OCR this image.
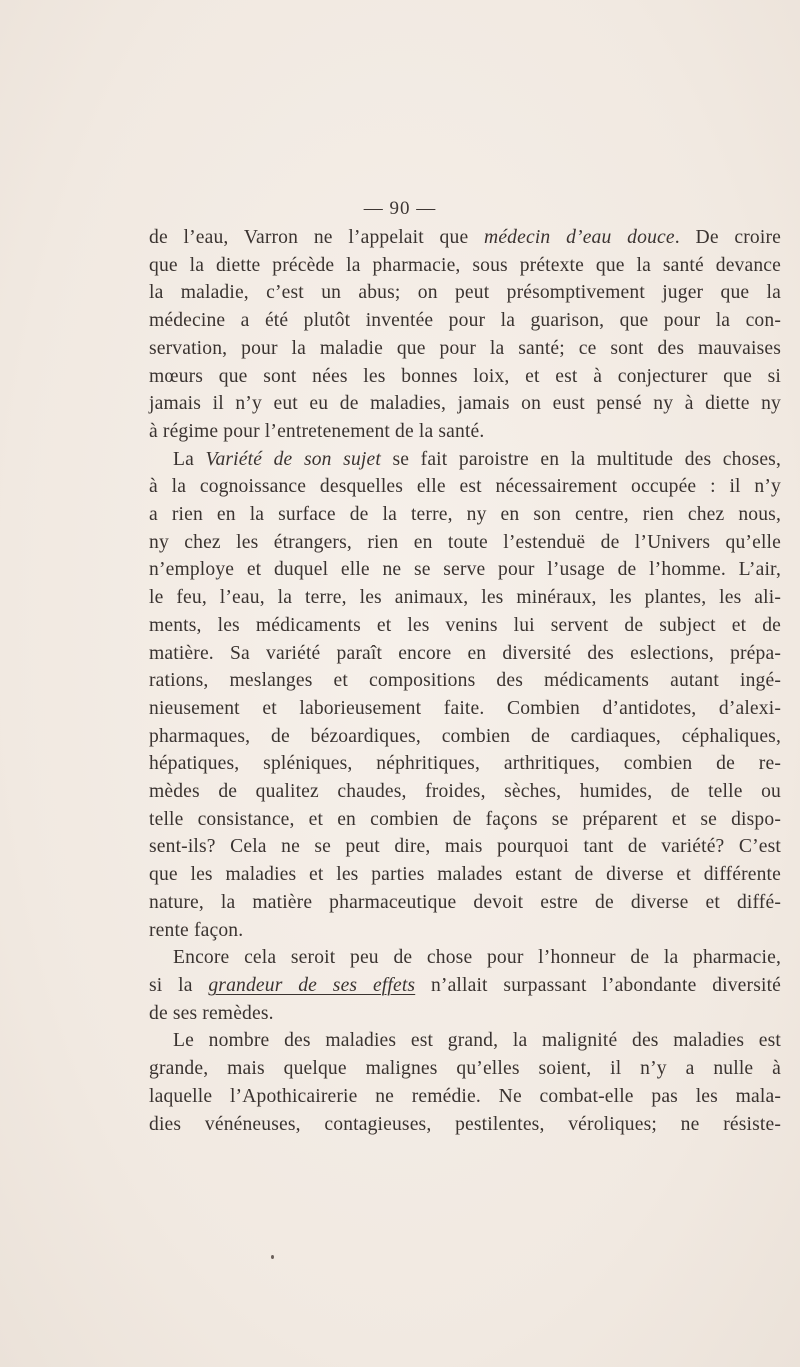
— 90 —
de l’eau, Varron ne l’appelait que médecin d’eau douce. De croire
que la diette précède la pharmacie, sous prétexte que la santé devance
la maladie, c’est un abus; on peut présomptivement juger que la
médecine a été plutôt inventée pour la guarison, que pour la con-
servation, pour la maladie que pour la santé; ce sont des mauvaises
mœurs que sont nées les bonnes loix, et est à conjecturer que si
jamais il n’y eut eu de maladies, jamais on eust pensé ny à diette ny
à régime pour l’entretenement de la santé.
La Variété de son sujet se fait paroistre en la multitude des choses,
à la cognoissance desquelles elle est nécessairement occupée : il n’y
a rien en la surface de la terre, ny en son centre, rien chez nous,
ny chez les étrangers, rien en toute l’estenduë de l’Univers qu’elle
n’employe et duquel elle ne se serve pour l’usage de l’homme. L’air,
le feu, l’eau, la terre, les animaux, les minéraux, les plantes, les ali-
ments, les médicaments et les venins lui servent de subject et de
matière. Sa variété paraît encore en diversité des eslections, prépa-
rations, meslanges et compositions des médicaments autant ingé-
nieusement et laborieusement faite. Combien d’antidotes, d’alexi-
pharmaques, de bézoardiques, combien de cardiaques, céphaliques,
hépatiques, spléniques, néphritiques, arthritiques, combien de re-
mèdes de qualitez chaudes, froides, sèches, humides, de telle ou
telle consistance, et en combien de façons se préparent et se dispo-
sent-ils? Cela ne se peut dire, mais pourquoi tant de variété? C’est
que les maladies et les parties malades estant de diverse et différente
nature, la matière pharmaceutique devoit estre de diverse et diffé-
rente façon.
Encore cela seroit peu de chose pour l’honneur de la pharmacie,
si la grandeur de ses effets n’allait surpassant l’abondante diversité
de ses remèdes.
Le nombre des maladies est grand, la malignité des maladies est
grande, mais quelque malignes qu’elles soient, il n’y a nulle à
laquelle l’Apothicairerie ne remédie. Ne combat-elle pas les mala-
dies vénéneuses, contagieuses, pestilentes, véroliques; ne résiste-
